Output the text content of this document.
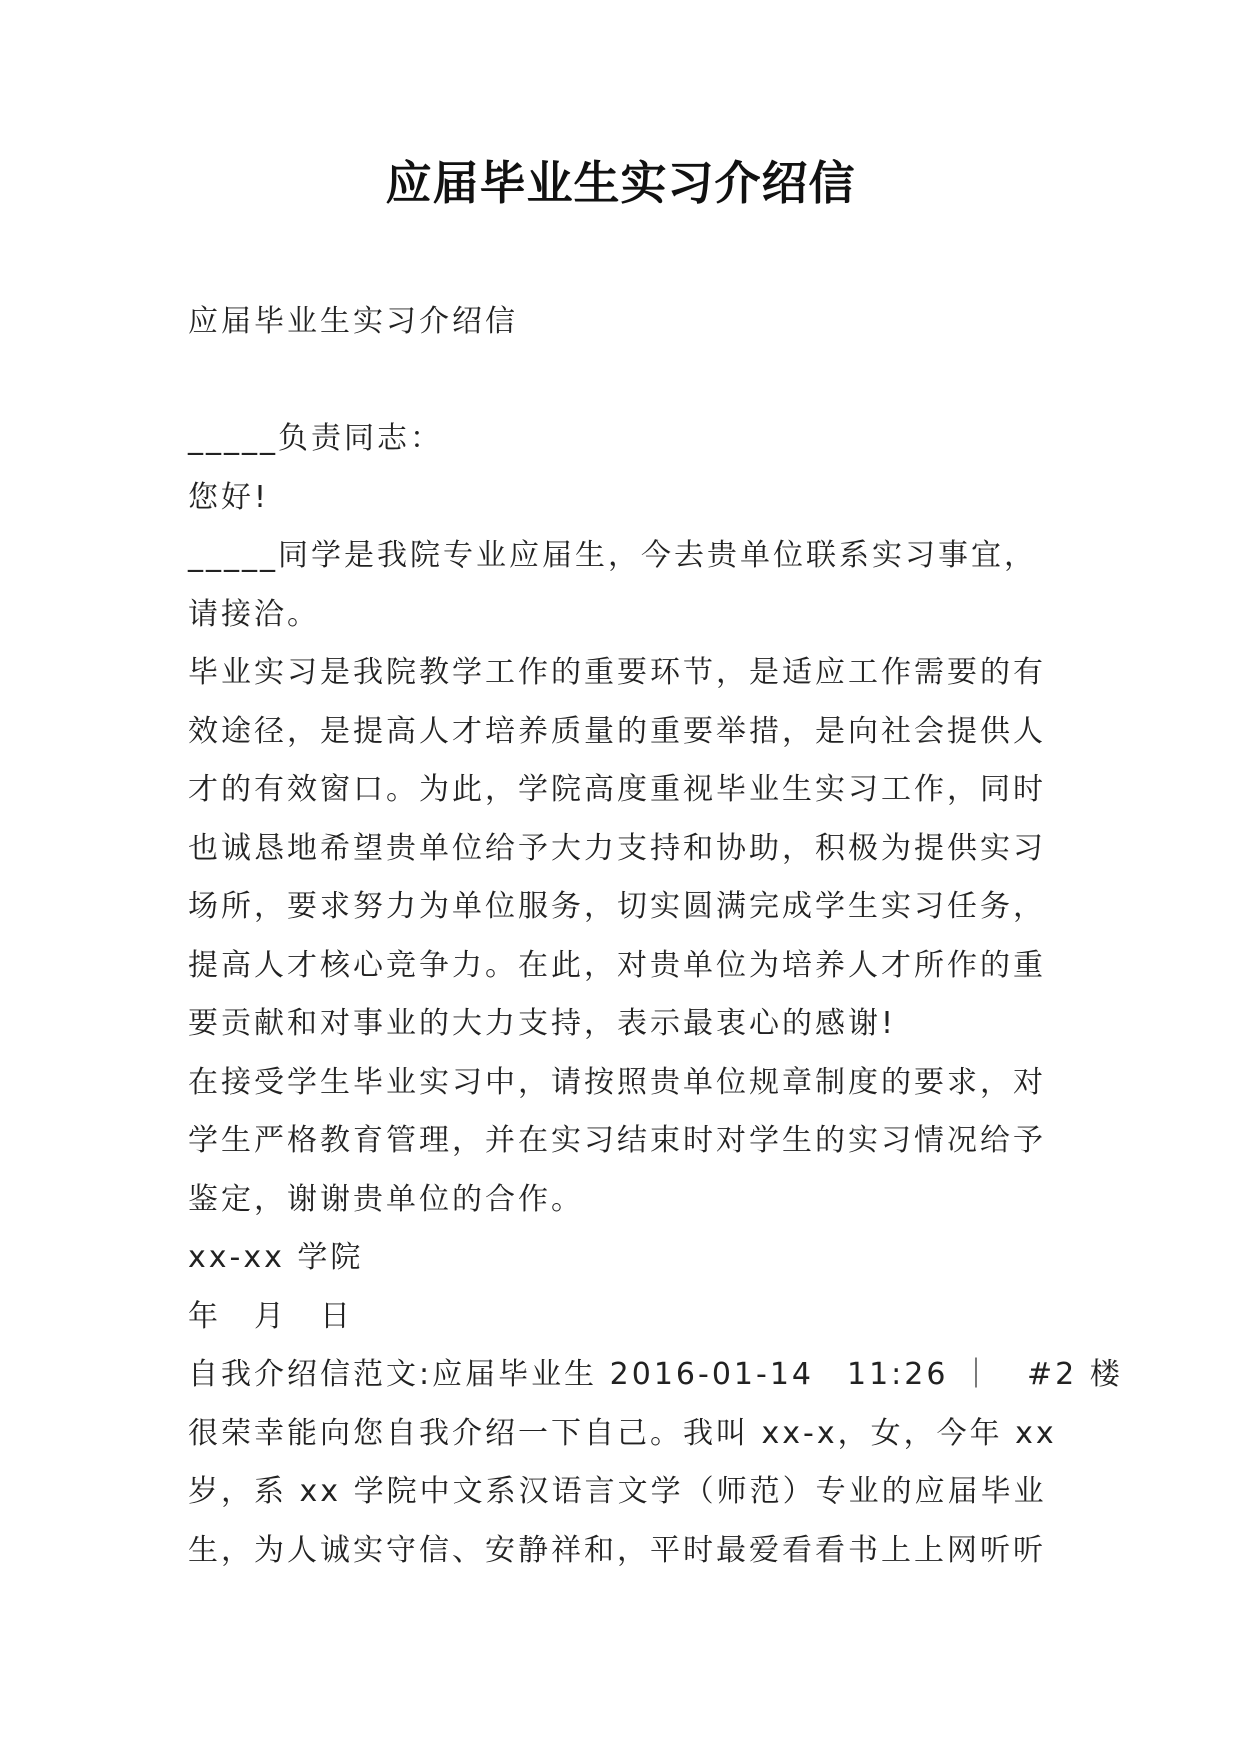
应届毕业生实习介绍信
应届毕业生实习介绍信
_____负责同志：
您好!
_____同学是我院专业应届生，今去贵单位联系实习事宜，
请接洽。
毕业实习是我院教学工作的重要环节，是适应工作需要的有
效途径，是提高人才培养质量的重要举措，是向社会提供人
才的有效窗口。为此，学院高度重视毕业生实习工作，同时
也诚恳地希望贵单位给予大力支持和协助，积极为提供实习
场所，要求努力为单位服务，切实圆满完成学生实习任务，
提高人才核心竞争力。在此，对贵单位为培养人才所作的重
要贡献和对事业的大力支持，表示最衷心的感谢!
在接受学生毕业实习中，请按照贵单位规章制度的要求，对
学生严格教育管理，并在实习结束时对学生的实习情况给予
鉴定，谢谢贵单位的合作。
xx-xx 学院
年　月　日
自我介绍信范文:应届毕业生 2016-01-14　11:26 ｜　#2 楼
很荣幸能向您自我介绍一下自己。我叫 xx-x，女，今年 xx
岁，系 xx 学院中文系汉语言文学（师范）专业的应届毕业
生，为人诚实守信、安静祥和，平时最爱看看书上上网听听
